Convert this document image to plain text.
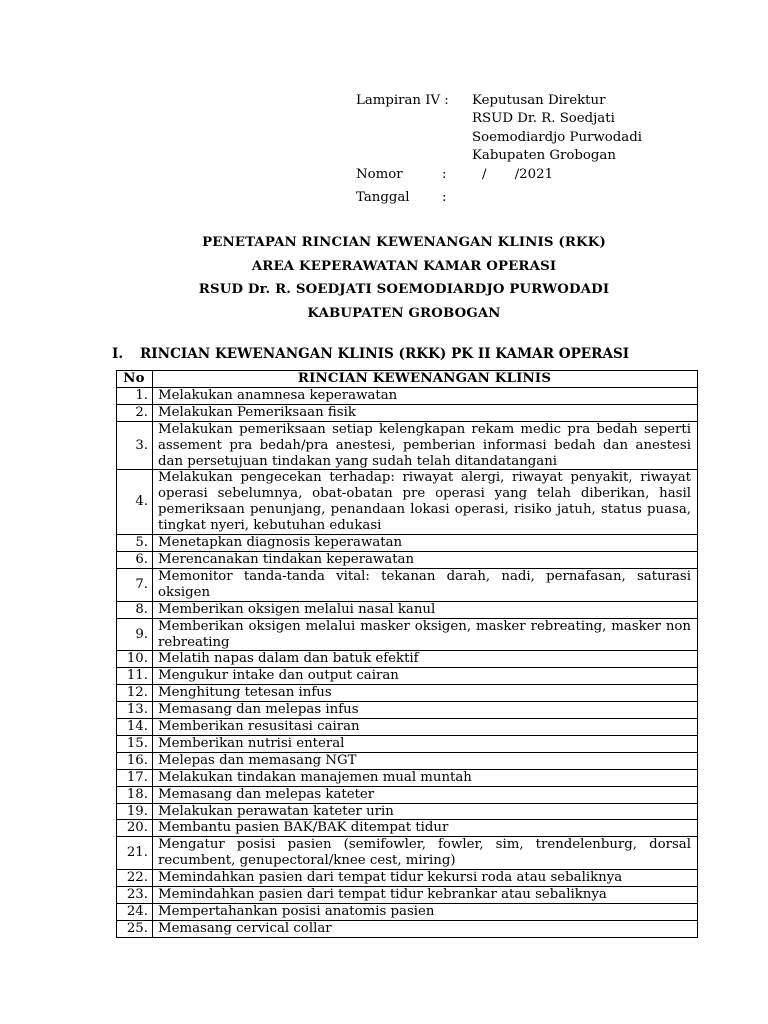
Lampiran IV :	Keputusan Direktur
RSUD Dr. R. Soedjati
Soemodiardjo Purwodadi
Kabupaten Grobogan
Nomor	:	/ /2021
Tanggal	:
PENETAPAN RINCIAN KEWENANGAN KLINIS (RKK)
AREA KEPERAWATAN KAMAR OPERASI
RSUD Dr. R. SOEDJATI SOEMODIARDJO PURWODADI
KABUPATEN GROBOGAN
I. RINCIAN KEWENANGAN KLINIS (RKK) PK II KAMAR OPERASI
No	RINCIAN KEWENANGAN KLINIS
1.	Melakukan anamnesa keperawatan
2.	Melakukan Pemeriksaan fisik
3.	Melakukan pemeriksaan setiap kelengkapan rekam medic pra bedah seperti assement pra bedah/pra anestesi, pemberian informasi bedah dan anestesi dan persetujuan tindakan yang sudah telah ditandatangani
4.	Melakukan pengecekan terhadap: riwayat alergi, riwayat penyakit, riwayat operasi sebelumnya, obat-obatan pre operasi yang telah diberikan, hasil pemeriksaan penunjang, penandaan lokasi operasi, risiko jatuh, status puasa, tingkat nyeri, kebutuhan edukasi
5.	Menetapkan diagnosis keperawatan
6.	Merencanakan tindakan keperawatan
7.	Memonitor tanda-tanda vital: tekanan darah, nadi, pernafasan, saturasi oksigen
8.	Memberikan oksigen melalui nasal kanul
9.	Memberikan oksigen melalui masker oksigen, masker rebreating, masker non rebreating
10.	Melatih napas dalam dan batuk efektif
11.	Mengukur intake dan output cairan
12.	Menghitung tetesan infus
13.	Memasang dan melepas infus
14.	Memberikan resusitasi cairan
15.	Memberikan nutrisi enteral
16.	Melepas dan memasang NGT
17.	Melakukan tindakan manajemen mual muntah
18.	Memasang dan melepas kateter
19.	Melakukan perawatan kateter urin
20.	Membantu pasien BAK/BAK ditempat tidur
21.	Mengatur posisi pasien (semifowler, fowler, sim, trendelenburg, dorsal recumbent, genupectoral/knee cest, miring)
22.	Memindahkan pasien dari tempat tidur kekursi roda atau sebaliknya
23.	Memindahkan pasien dari tempat tidur kebrankar atau sebaliknya
24.	Mempertahankan posisi anatomis pasien
25.	Memasang cervical collar
